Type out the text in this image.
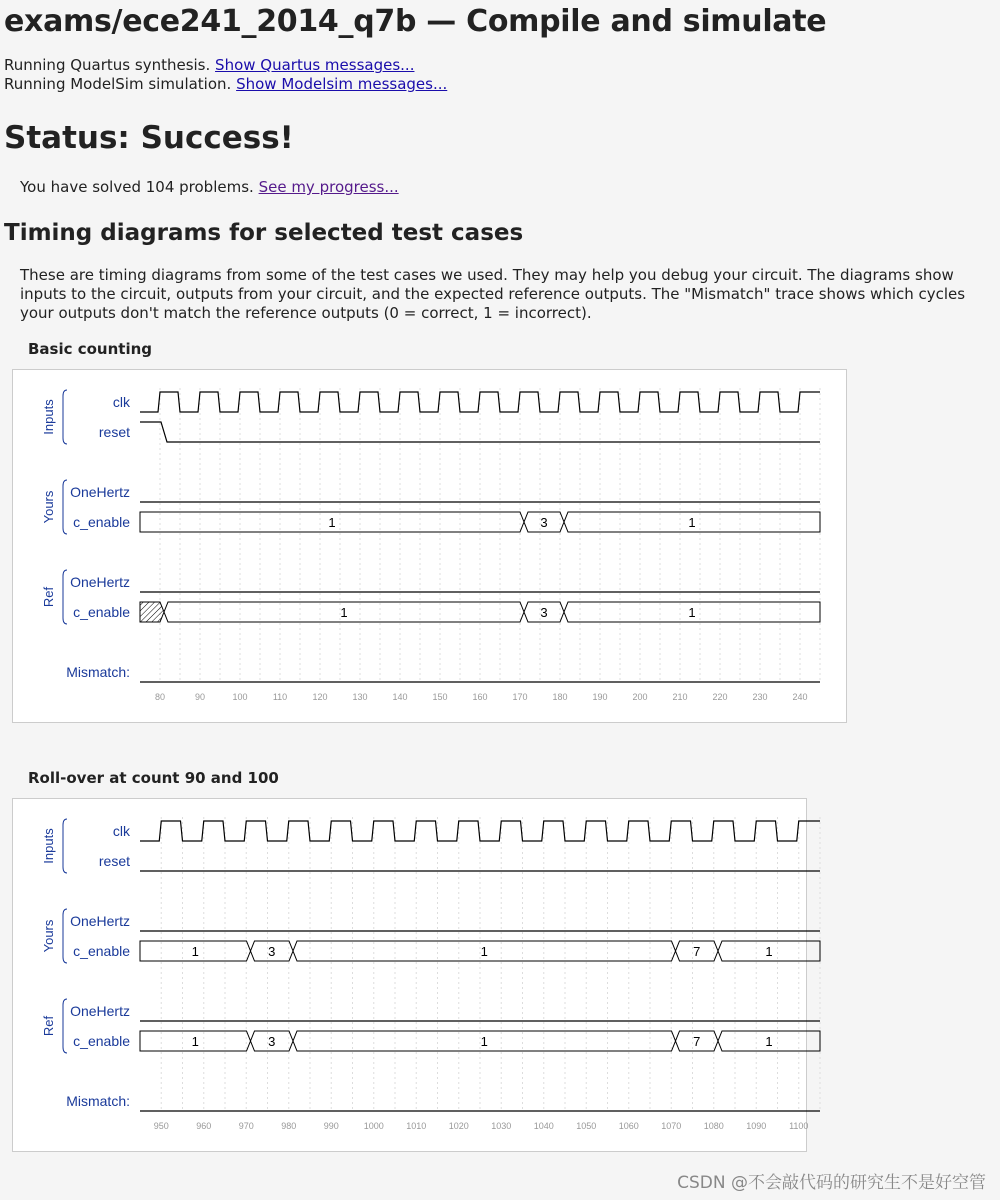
exams/ece241_2014_q7b — Compile and simulate
Running Quartus synthesis. Show Quartus messages...
Running ModelSim simulation. Show Modelsim messages...
Status: Success!
You have solved 104 problems. See my progress...
Timing diagrams for selected test cases
These are timing diagrams from some of the test cases we used. They may help you debug your circuit. The diagrams show inputs to the circuit, outputs from your circuit, and the expected reference outputs. The "Mismatch" trace shows which cycles your outputs don't match the reference outputs (0 = correct, 1 = incorrect).
Basic counting
Inputs
Yours
Ref
clk
reset
OneHertz
c_enable
OneHertz
c_enable
Mismatch:
1	3	1
1	3	1
80	90	100	110	120	130	140	150	160	170	180	190	200	210	220	230	240
Roll-over at count 90 and 100
Inputs
Yours
Ref
clk
reset
OneHertz
c_enable
OneHertz
c_enable
Mismatch:
1	3	1	7	1
1	3	1	7	1
950	960	970	980	990	1000 1010 1020 1030 1040 1050 1060 1070 1080 1090	1100
CSDN @不会敲代码的研究生不是好空管
